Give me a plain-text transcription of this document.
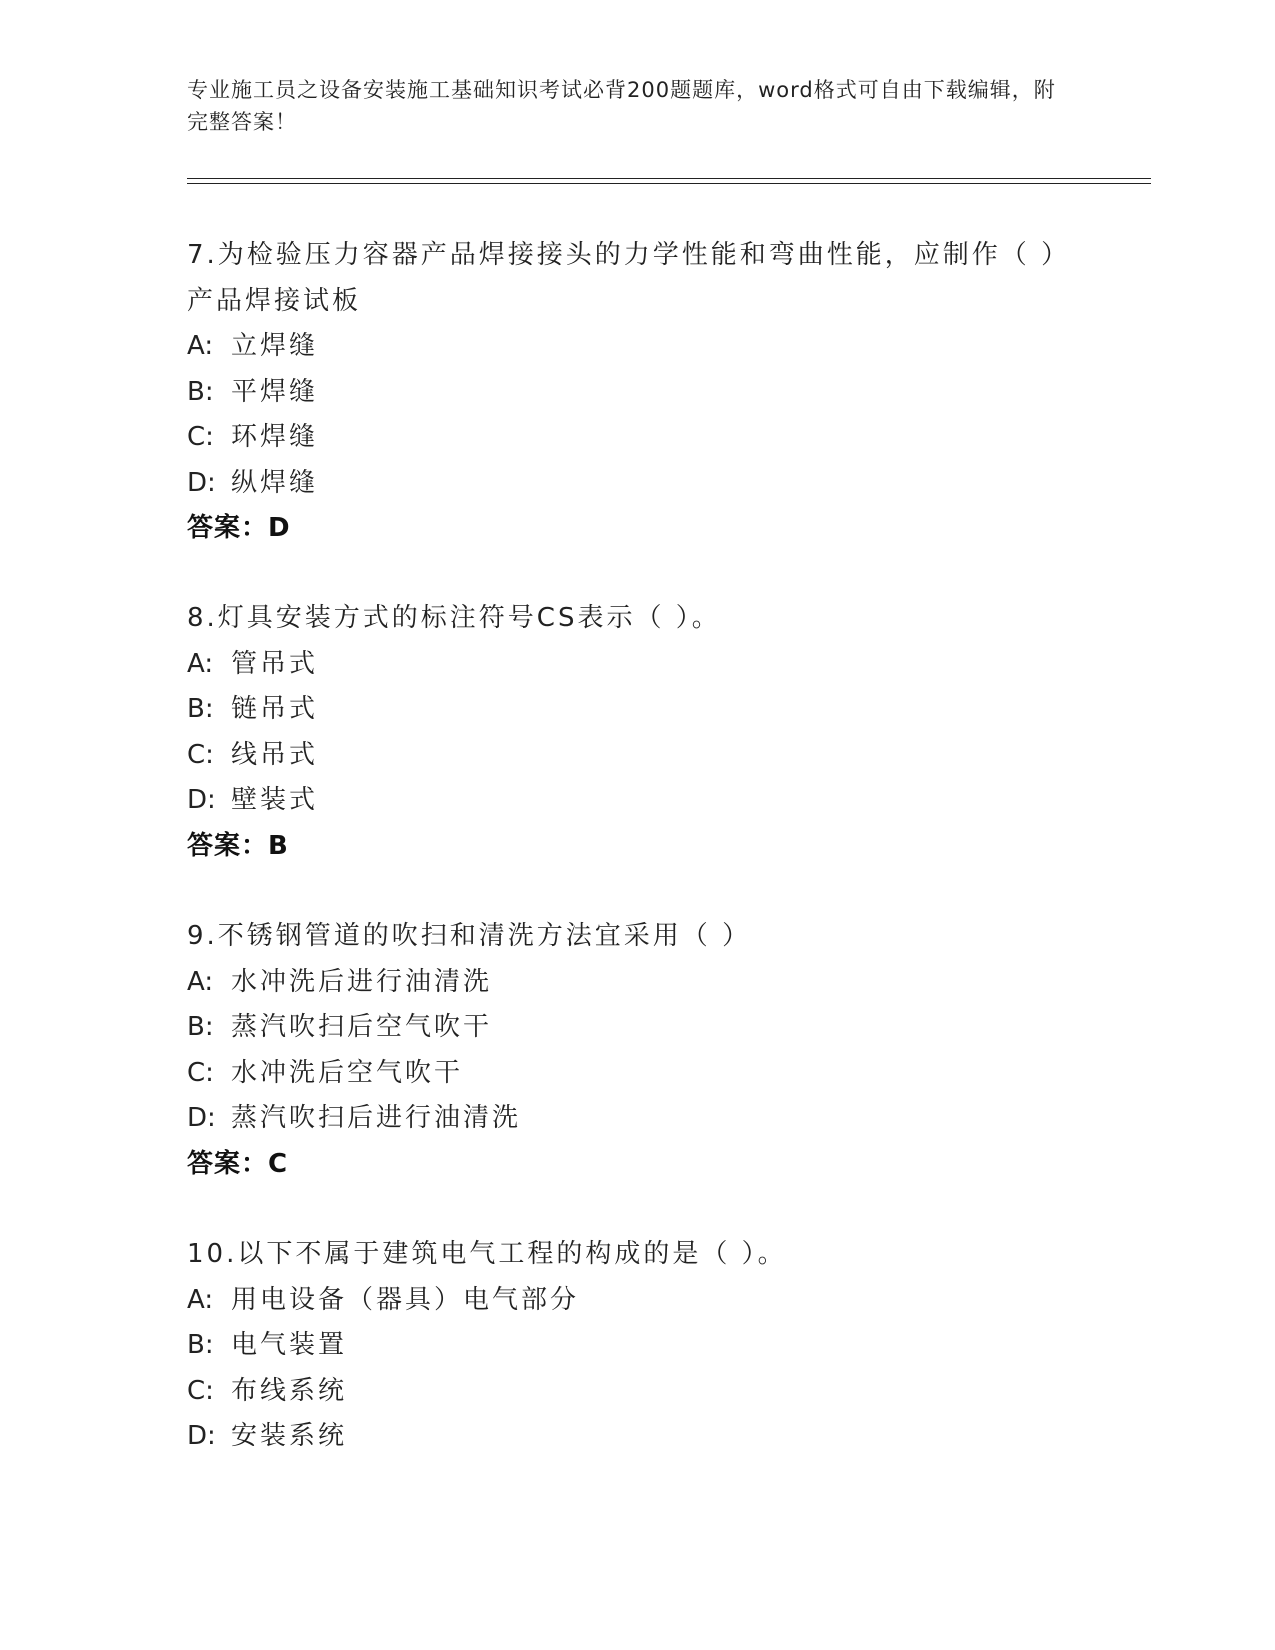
专业施工员之设备安装施工基础知识考试必背200题题库，word格式可自由下载编辑，附完整答案！
7.为检验压力容器产品焊接接头的力学性能和弯曲性能，应制作（ ）产品焊接试板
A: 立焊缝
B: 平焊缝
C: 环焊缝
D: 纵焊缝
答案：D
8.灯具安装方式的标注符号CS表示（ ）。
A: 管吊式
B: 链吊式
C: 线吊式
D: 壁装式
答案：B
9.不锈钢管道的吹扫和清洗方法宜采用（ ）
A: 水冲洗后进行油清洗
B: 蒸汽吹扫后空气吹干
C: 水冲洗后空气吹干
D: 蒸汽吹扫后进行油清洗
答案：C
10.以下不属于建筑电气工程的构成的是（ ）。
A: 用电设备（器具）电气部分
B: 电气装置
C: 布线系统
D: 安装系统
